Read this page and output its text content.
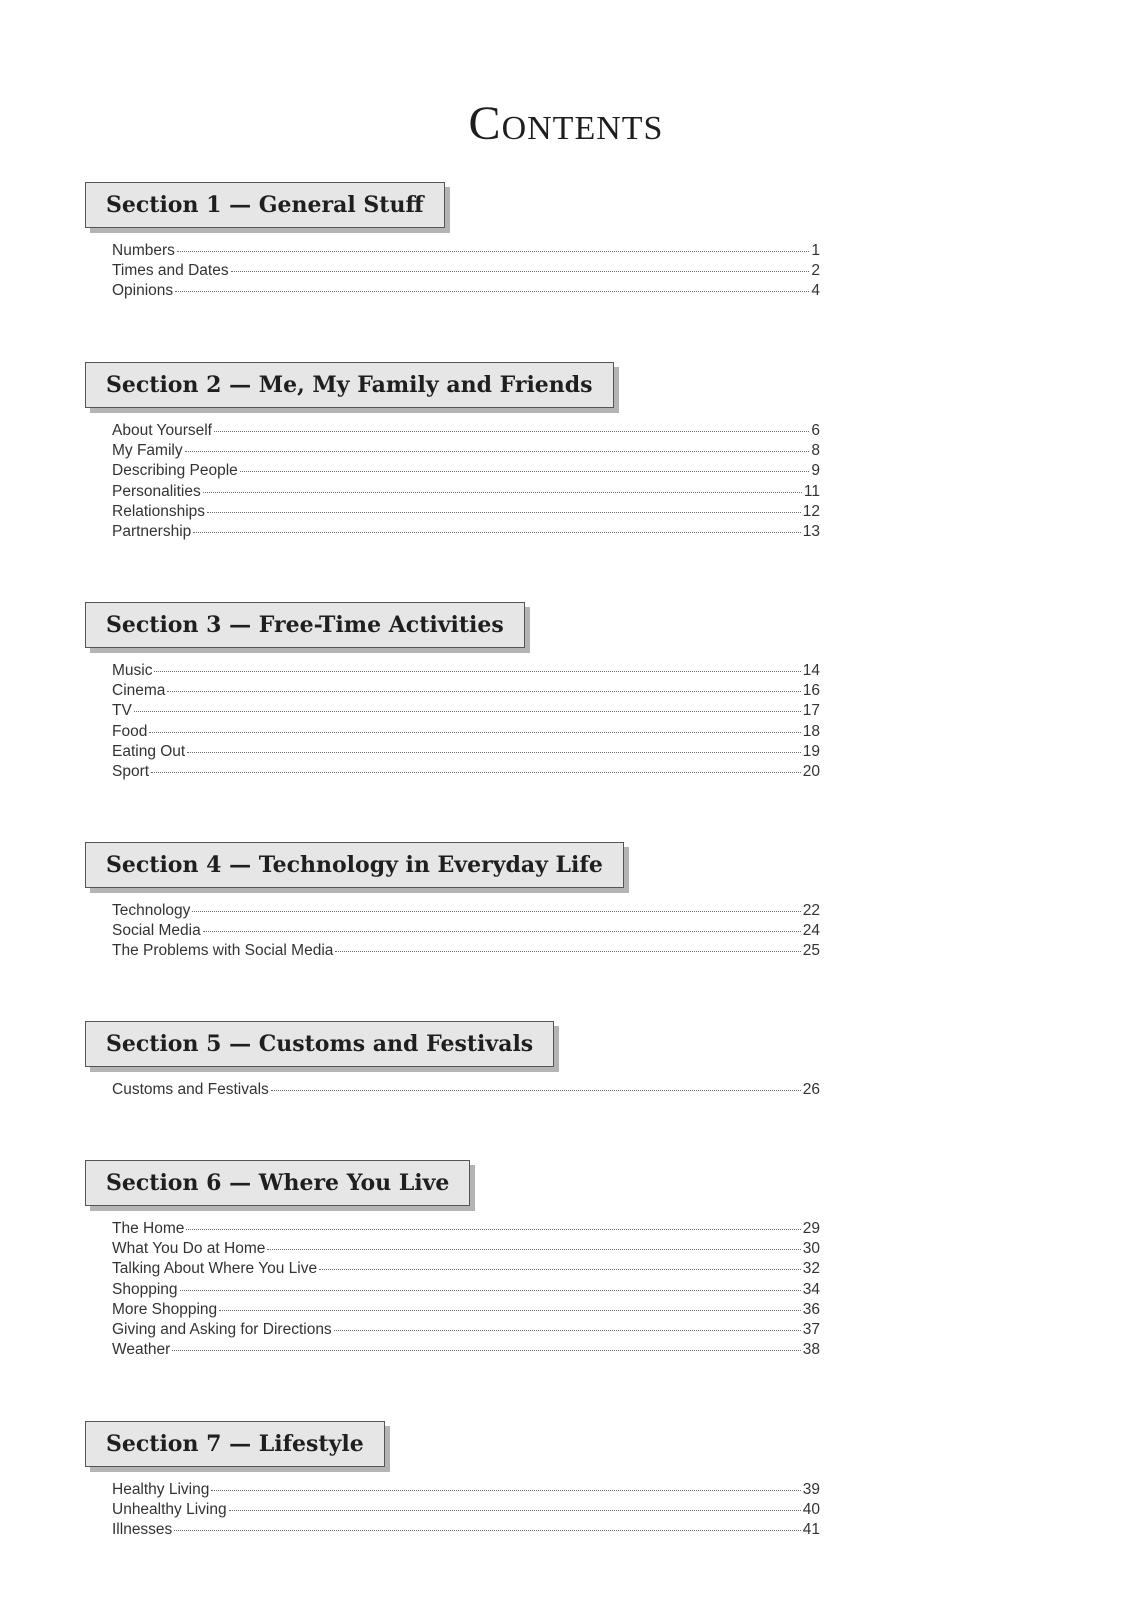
Contents
Section 1 — General Stuff
Numbers	1
Times and Dates	2
Opinions	4
Section 2 — Me, My Family and Friends
About Yourself	6
My Family	8
Describing People	9
Personalities	11
Relationships	12
Partnership	13
Section 3 — Free-Time Activities
Music	14
Cinema	16
TV	17
Food	18
Eating Out	19
Sport	20
Section 4 — Technology in Everyday Life
Technology	22
Social Media	24
The Problems with Social Media	25
Section 5 — Customs and Festivals
Customs and Festivals	26
Section 6 — Where You Live
The Home	29
What You Do at Home	30
Talking About Where You Live	32
Shopping	34
More Shopping	36
Giving and Asking for Directions	37
Weather	38
Section 7 — Lifestyle
Healthy Living	39
Unhealthy Living	40
Illnesses	41
